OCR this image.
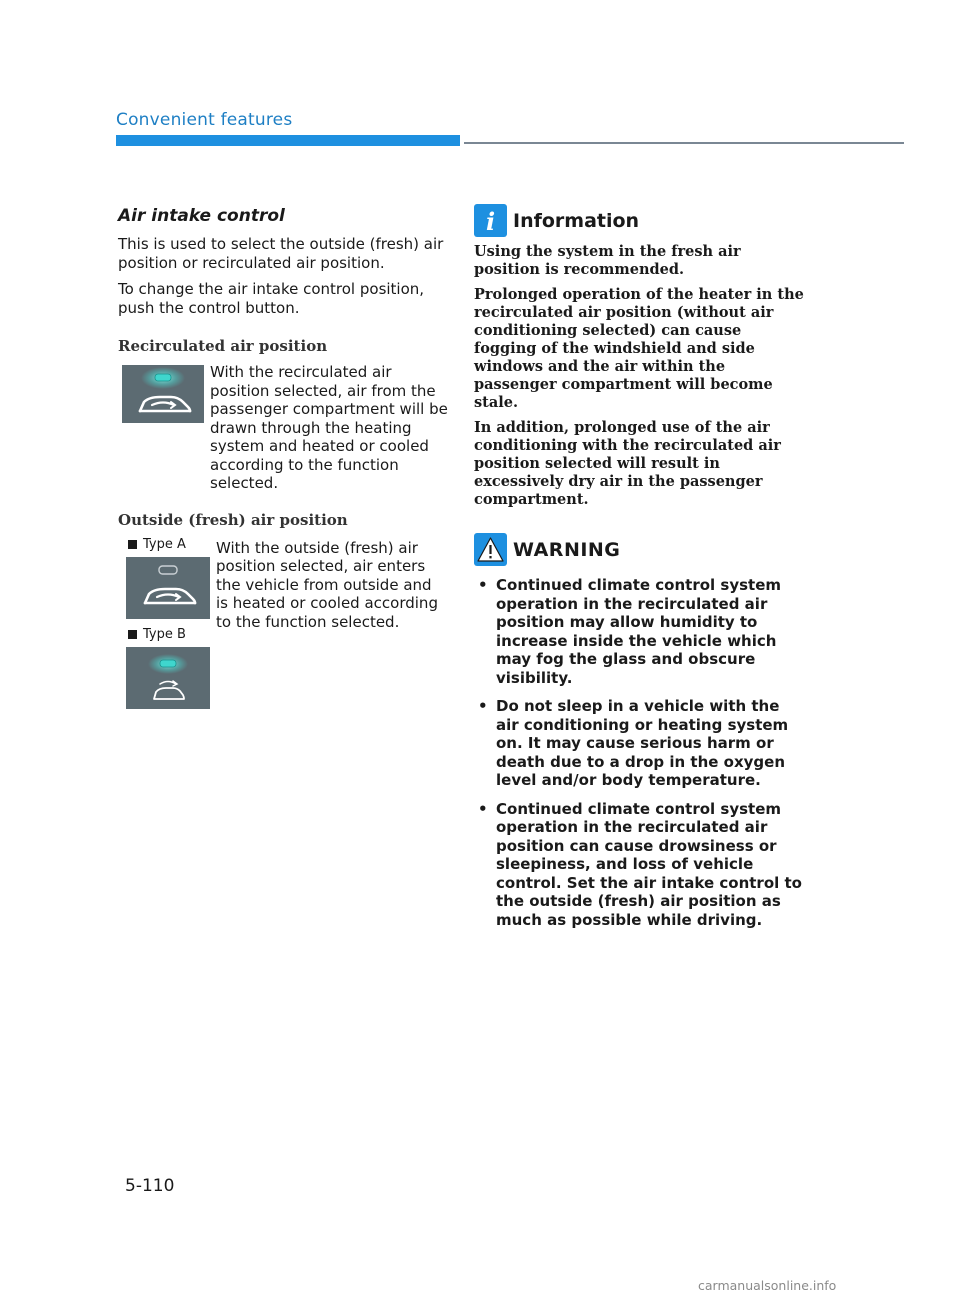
Convenient features
Air intake control

This is used to select the outside (fresh) air position or recirculated air position.

To change the air intake control position, push the control button.

Recirculated air position

With the recirculated air position selected, air from the passenger compartment will be drawn through the heating system and heated or cooled according to the function selected.

Outside (fresh) air position
Type A
Type B

With the outside (fresh) air position selected, air enters the vehicle from outside and is heated or cooled according to the function selected.

i Information

Using the system in the fresh air position is recommended.

Prolonged operation of the heater in the recirculated air position (without air conditioning selected) can cause fogging of the windshield and side windows and the air within the passenger compartment will become stale.

In addition, prolonged use of the air conditioning with the recirculated air position selected will result in excessively dry air in the passenger compartment.

WARNING
• Continued climate control system operation in the recirculated air position may allow humidity to increase inside the vehicle which may fog the glass and obscure visibility.
• Do not sleep in a vehicle with the air conditioning or heating system on. It may cause serious harm or death due to a drop in the oxygen level and/or body temperature.
• Continued climate control system operation in the recirculated air position can cause drowsiness or sleepiness, and loss of vehicle control. Set the air intake control to the outside (fresh) air position as much as possible while driving.
5-110
carmanualsonline.info
